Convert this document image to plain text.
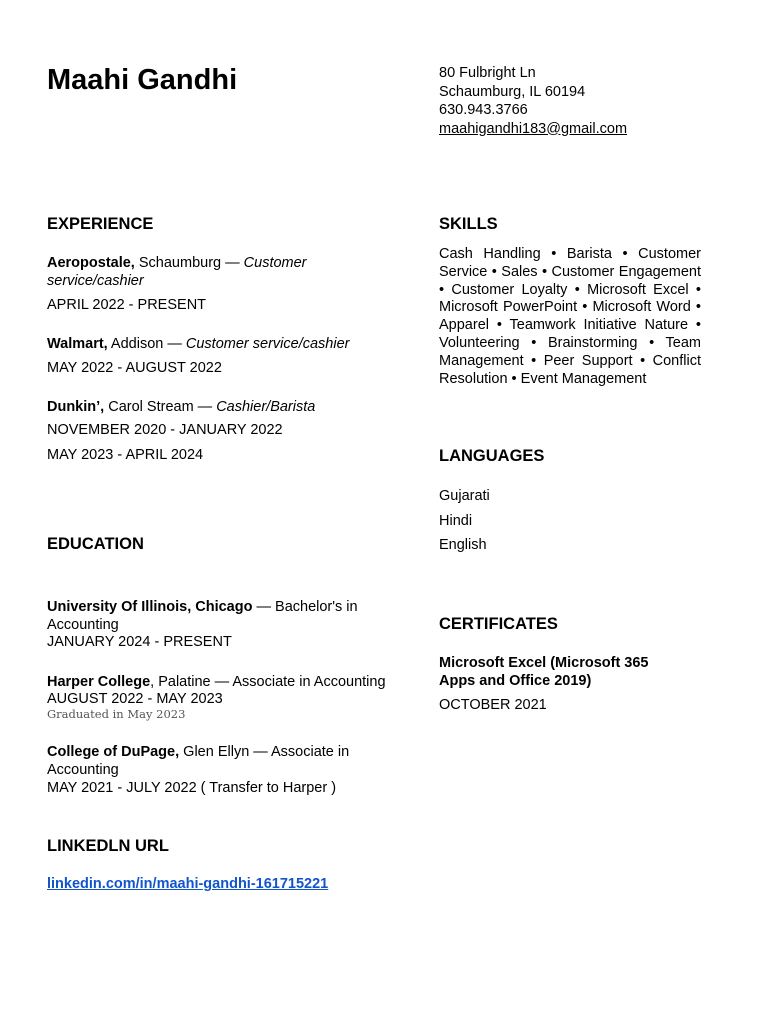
Maahi Gandhi	80 Fulbright Ln
Schaumburg, IL 60194
630.943.3766
maahigandhi183@gmail.com
EXPERIENCE
Aeropostale, Schaumburg — Customer service/cashier
APRIL 2022 - PRESENT
Walmart, Addison — Customer service/cashier
MAY 2022 - AUGUST 2022
Dunkin’, Carol Stream — Cashier/Barista
NOVEMBER 2020 - JANUARY 2022
MAY 2023 - APRIL 2024
EDUCATION
University Of Illinois, Chicago — Bachelor's in Accounting
JANUARY 2024 - PRESENT
Harper College, Palatine — Associate in Accounting
AUGUST 2022 - MAY 2023
Graduated in May 2023
College of DuPage, Glen Ellyn — Associate in Accounting
MAY 2021 - JULY 2022 ( Transfer to Harper )
LINKEDLN URL
linkedin.com/in/maahi-gandhi-161715221
SKILLS
Cash Handling • Barista • Customer Service • Sales • Customer Engagement • Customer Loyalty • Microsoft Excel • Microsoft PowerPoint • Microsoft Word • Apparel • Teamwork Initiative Nature • Volunteering • Brainstorming • Team Management • Peer Support • Conflict Resolution • Event Management
LANGUAGES
Gujarati
Hindi
English
CERTIFICATES
Microsoft Excel (Microsoft 365
Apps and Office 2019)
OCTOBER 2021
